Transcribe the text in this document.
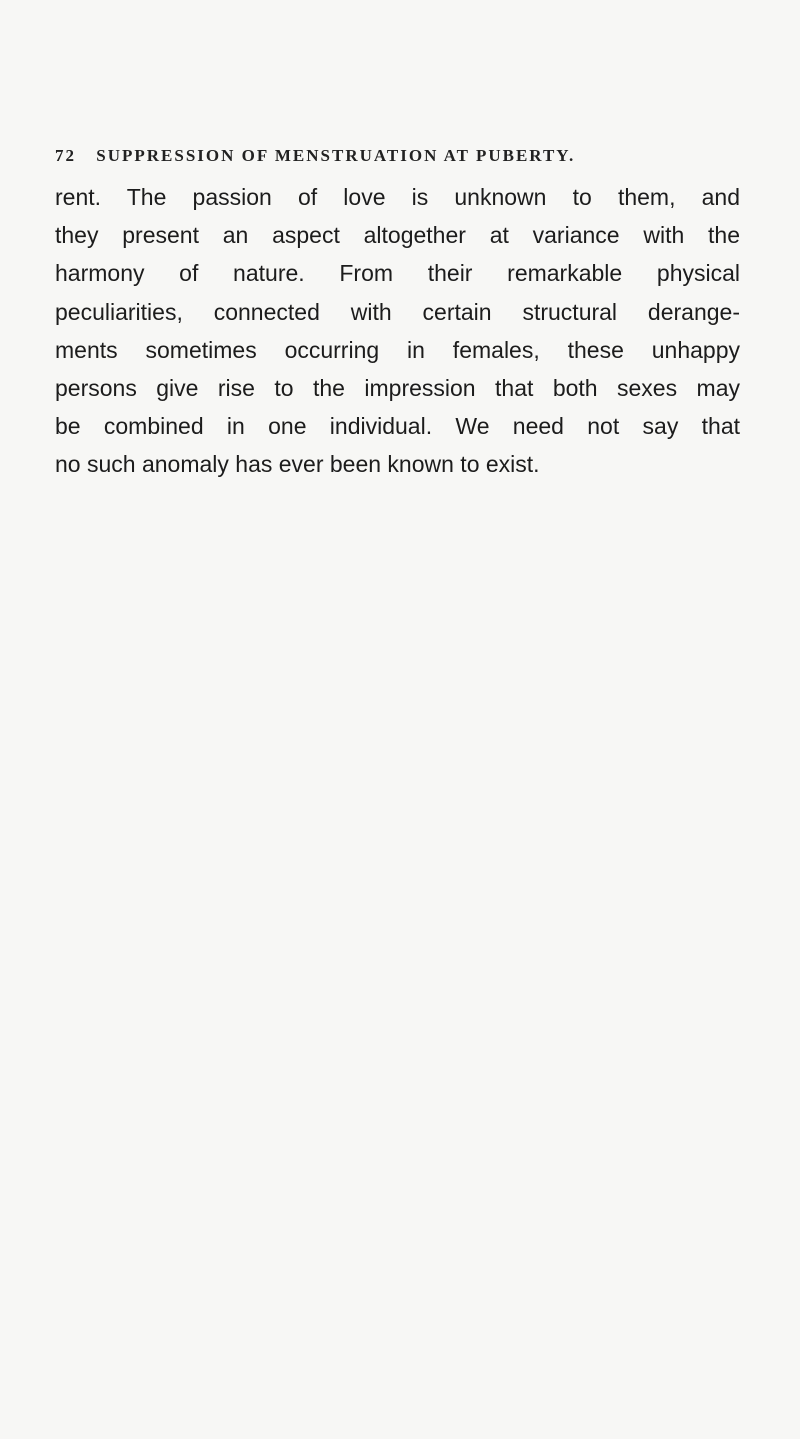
72 SUPPRESSION OF MENSTRUATION AT PUBERTY.
rent. The passion of love is unknown to them, and
they present an aspect altogether at variance with the
harmony of nature. From their remarkable physical
peculiarities, connected with certain structural derange-
ments sometimes occurring in females, these unhappy
persons give rise to the impression that both sexes may
be combined in one individual. We need not say that
no such anomaly has ever been known to exist.
